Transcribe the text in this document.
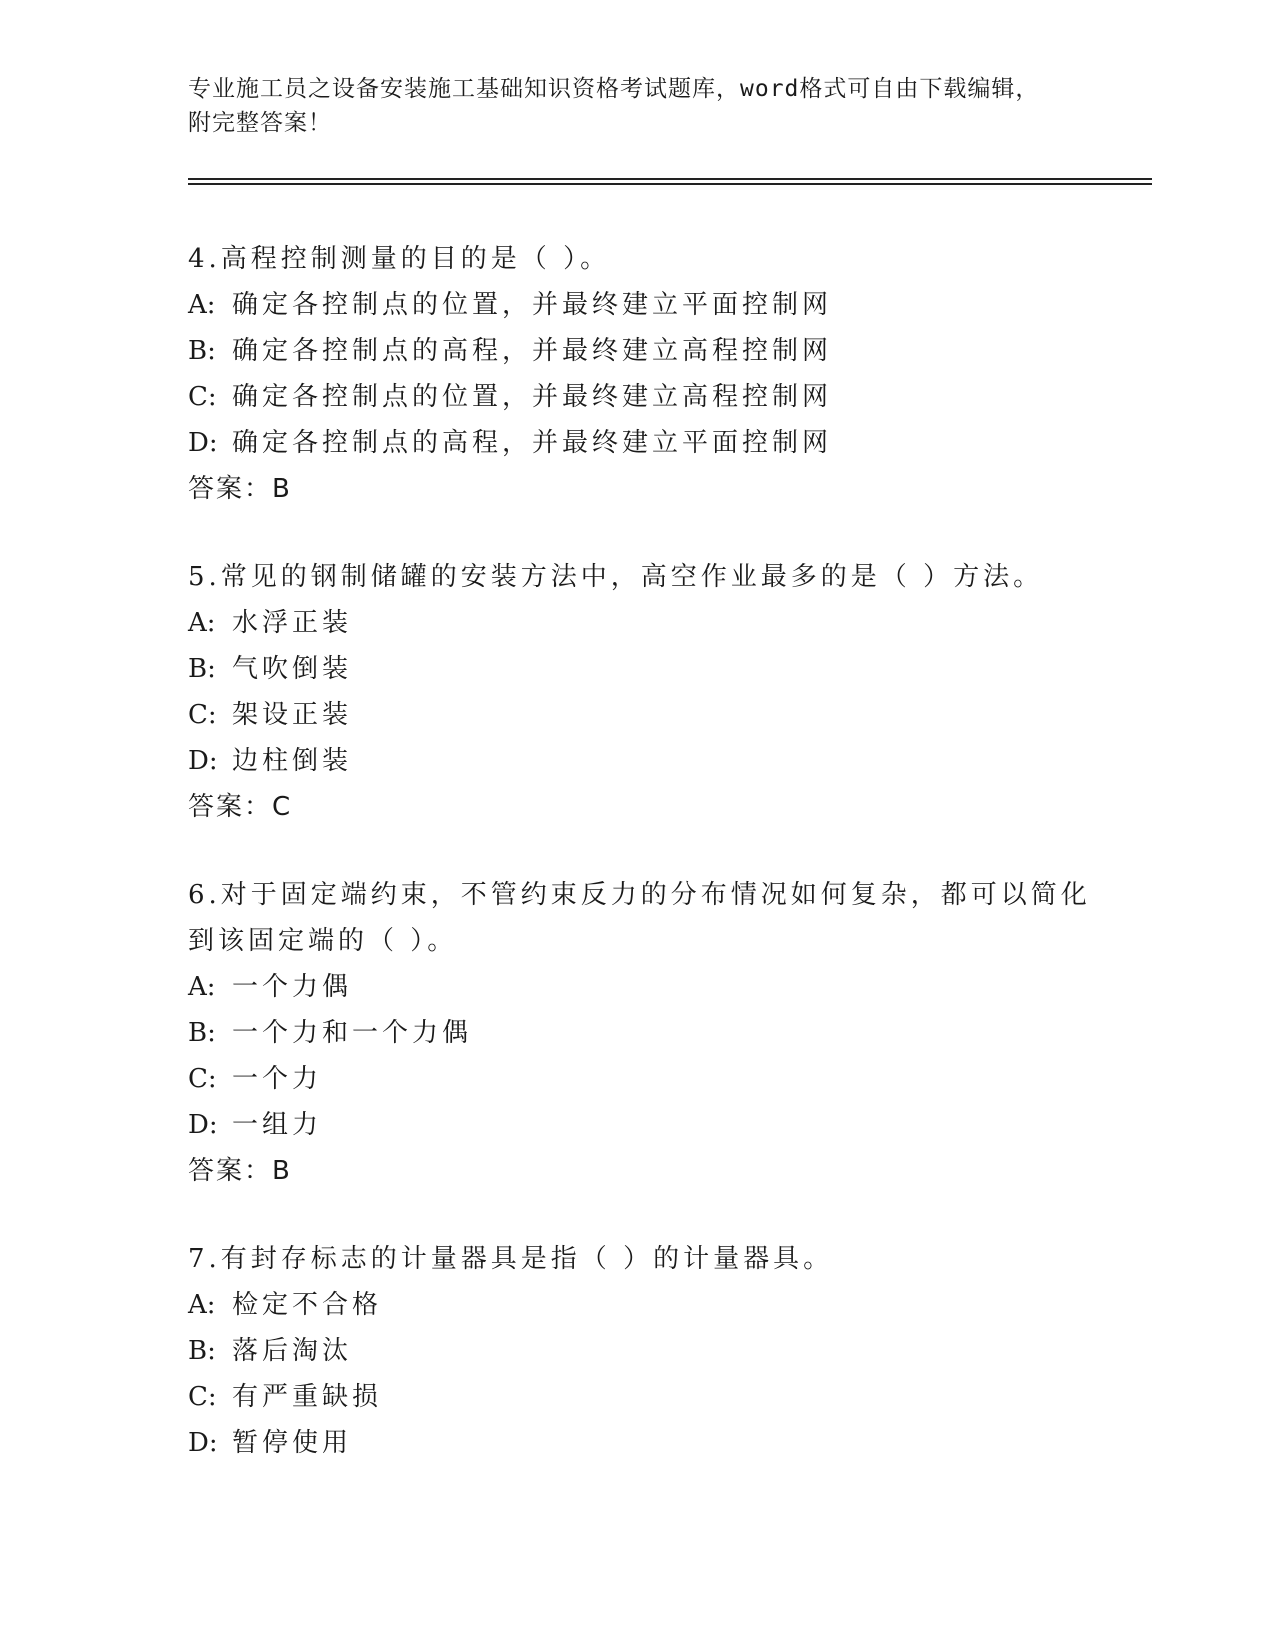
专业施工员之设备安装施工基础知识资格考试题库，word格式可自由下载编辑，
附完整答案！
4.高程控制测量的目的是（ ）。
A: 确定各控制点的位置，并最终建立平面控制网
B: 确定各控制点的高程，并最终建立高程控制网
C: 确定各控制点的位置，并最终建立高程控制网
D: 确定各控制点的高程，并最终建立平面控制网
答案：B
5.常见的钢制储罐的安装方法中，高空作业最多的是（ ）方法。
A: 水浮正装
B: 气吹倒装
C: 架设正装
D: 边柱倒装
答案：C
6.对于固定端约束，不管约束反力的分布情况如何复杂，都可以简化
到该固定端的（ ）。
A: 一个力偶
B: 一个力和一个力偶
C: 一个力
D: 一组力
答案：B
7.有封存标志的计量器具是指（ ）的计量器具。
A: 检定不合格
B: 落后淘汰
C: 有严重缺损
D: 暂停使用
